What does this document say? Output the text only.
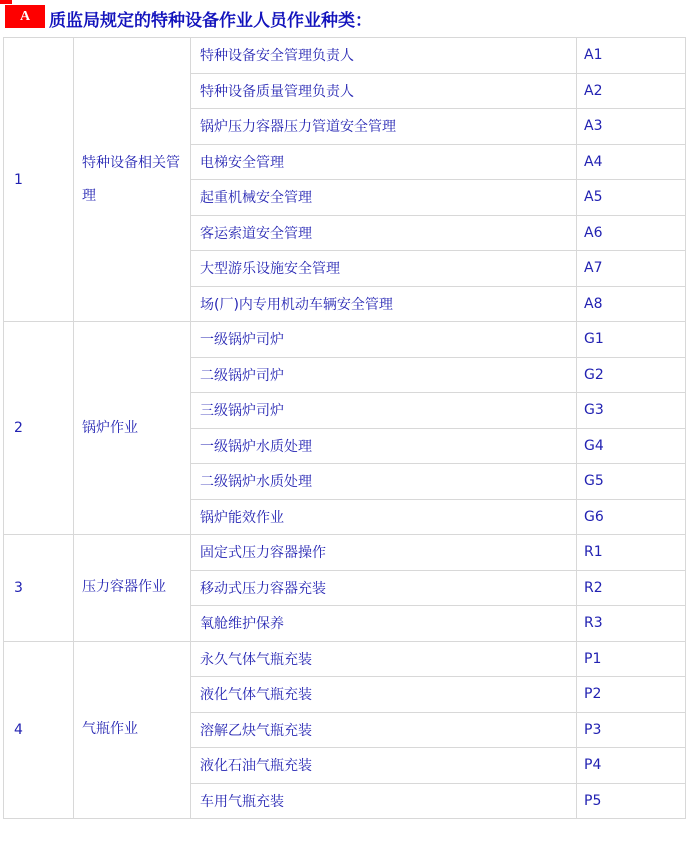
A	质监局规定的特种设备作业人员作业种类：
1	特种设备相关管理	特种设备安全管理负责人	A1
		特种设备质量管理负责人	A2
		锅炉压力容器压力管道安全管理	A3
		电梯安全管理	A4
		起重机械安全管理	A5
		客运索道安全管理	A6
		大型游乐设施安全管理	A7
		场(厂)内专用机动车辆安全管理	A8
2	锅炉作业	一级锅炉司炉	G1
		二级锅炉司炉	G2
		三级锅炉司炉	G3
		一级锅炉水质处理	G4
		二级锅炉水质处理	G5
		锅炉能效作业	G6
3	压力容器作业	固定式压力容器操作	R1
		移动式压力容器充装	R2
		氧舱维护保养	R3
4	气瓶作业	永久气体气瓶充装	P1
		液化气体气瓶充装	P2
		溶解乙炔气瓶充装	P3
		液化石油气瓶充装	P4
		车用气瓶充装	P5
